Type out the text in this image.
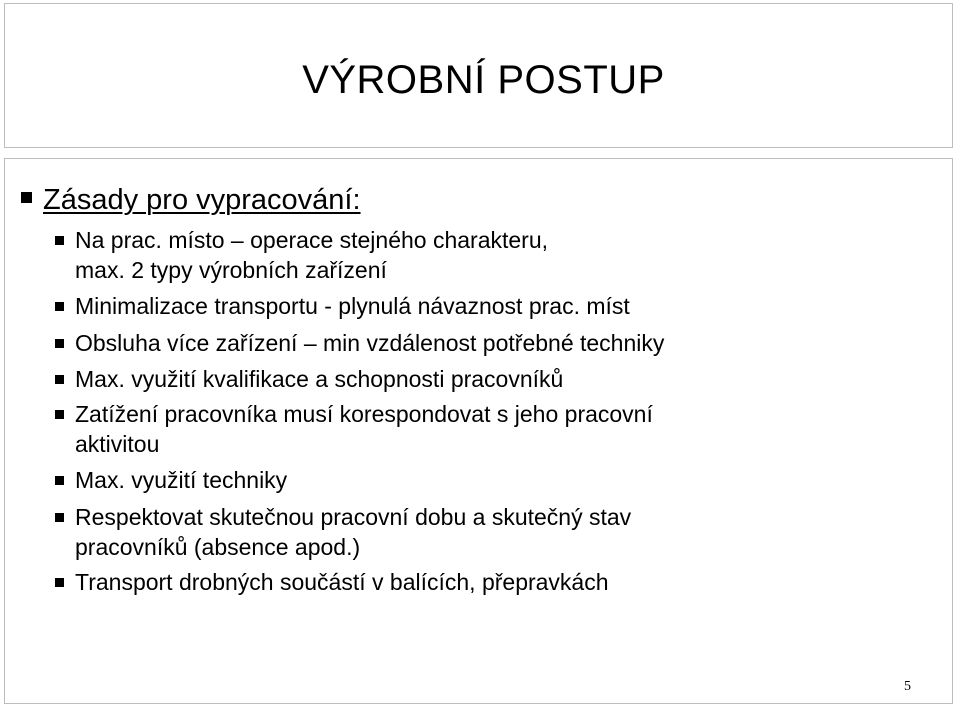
VÝROBNÍ POSTUP
Zásady pro vypracování:
Na prac. místo – operace stejného charakteru,
max. 2 typy výrobních zařízení
Minimalizace transportu - plynulá návaznost prac. míst
Obsluha více zařízení – min vzdálenost potřebné techniky
Max. využití kvalifikace a schopnosti pracovníků
Zatížení pracovníka musí korespondovat s jeho pracovní
aktivitou
Max. využití techniky
Respektovat skutečnou pracovní dobu a skutečný stav
pracovníků (absence apod.)
Transport drobných součástí v balících, přepravkách
5
